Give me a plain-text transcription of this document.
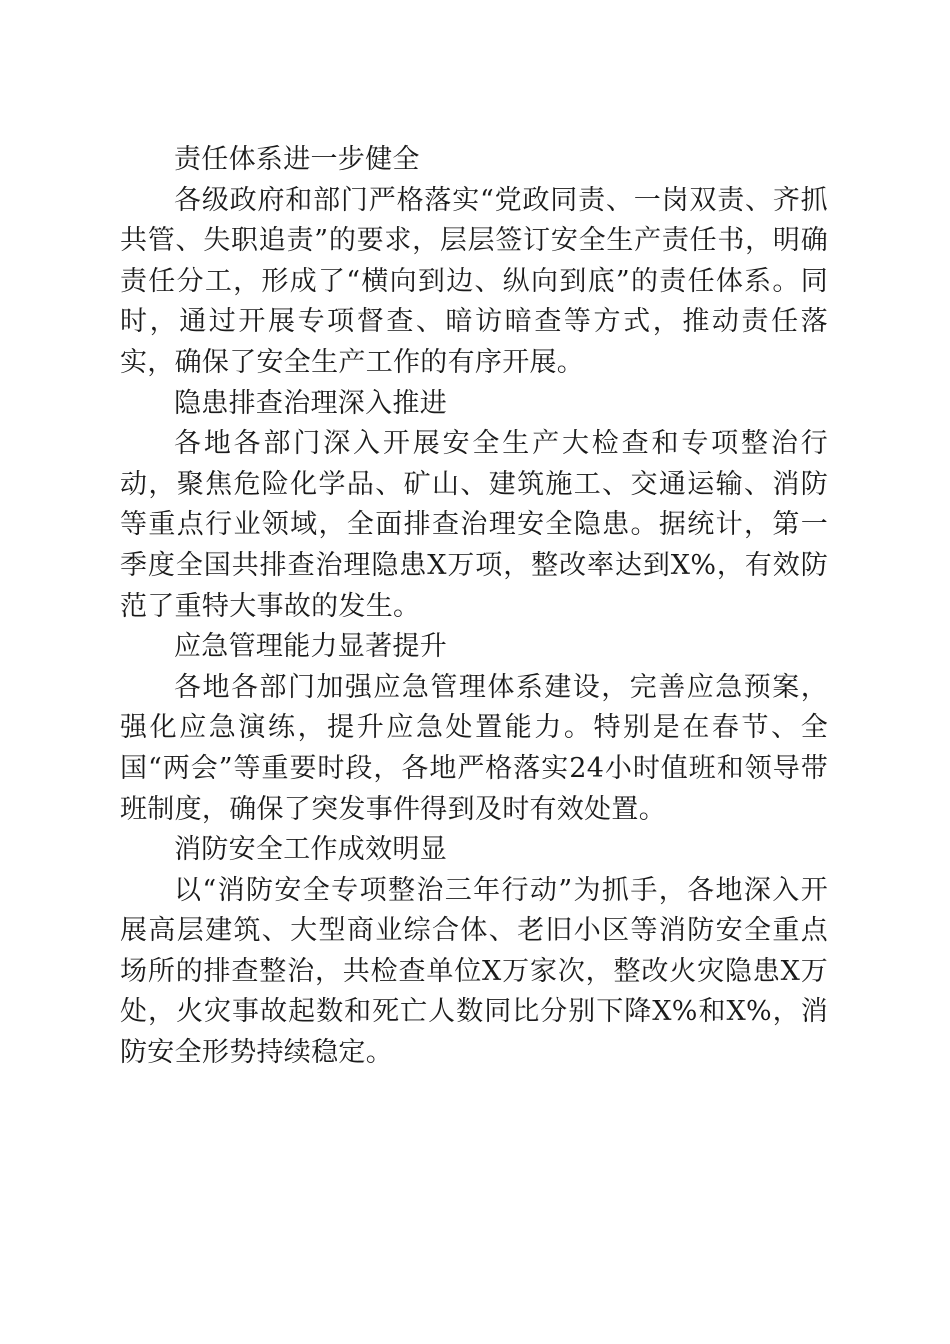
责任体系进一步健全

各级政府和部门严格落实“党政同责、一岗双责、齐抓共管、失职追责”的要求，层层签订安全生产责任书，明确责任分工，形成了“横向到边、纵向到底”的责任体系。同时，通过开展专项督查、暗访暗查等方式，推动责任落实，确保了安全生产工作的有序开展。

隐患排查治理深入推进

各地各部门深入开展安全生产大检查和专项整治行动，聚焦危险化学品、矿山、建筑施工、交通运输、消防等重点行业领域，全面排查治理安全隐患。据统计，第一季度全国共排查治理隐患X万项，整改率达到X%，有效防范了重特大事故的发生。

应急管理能力显著提升

各地各部门加强应急管理体系建设，完善应急预案，强化应急演练，提升应急处置能力。特别是在春节、全国“两会”等重要时段，各地严格落实24小时值班和领导带班制度，确保了突发事件得到及时有效处置。

消防安全工作成效明显

以“消防安全专项整治三年行动”为抓手，各地深入开展高层建筑、大型商业综合体、老旧小区等消防安全重点场所的排查整治，共检查单位X万家次，整改火灾隐患X万处，火灾事故起数和死亡人数同比分别下降X%和X%，消防安全形势持续稳定。
